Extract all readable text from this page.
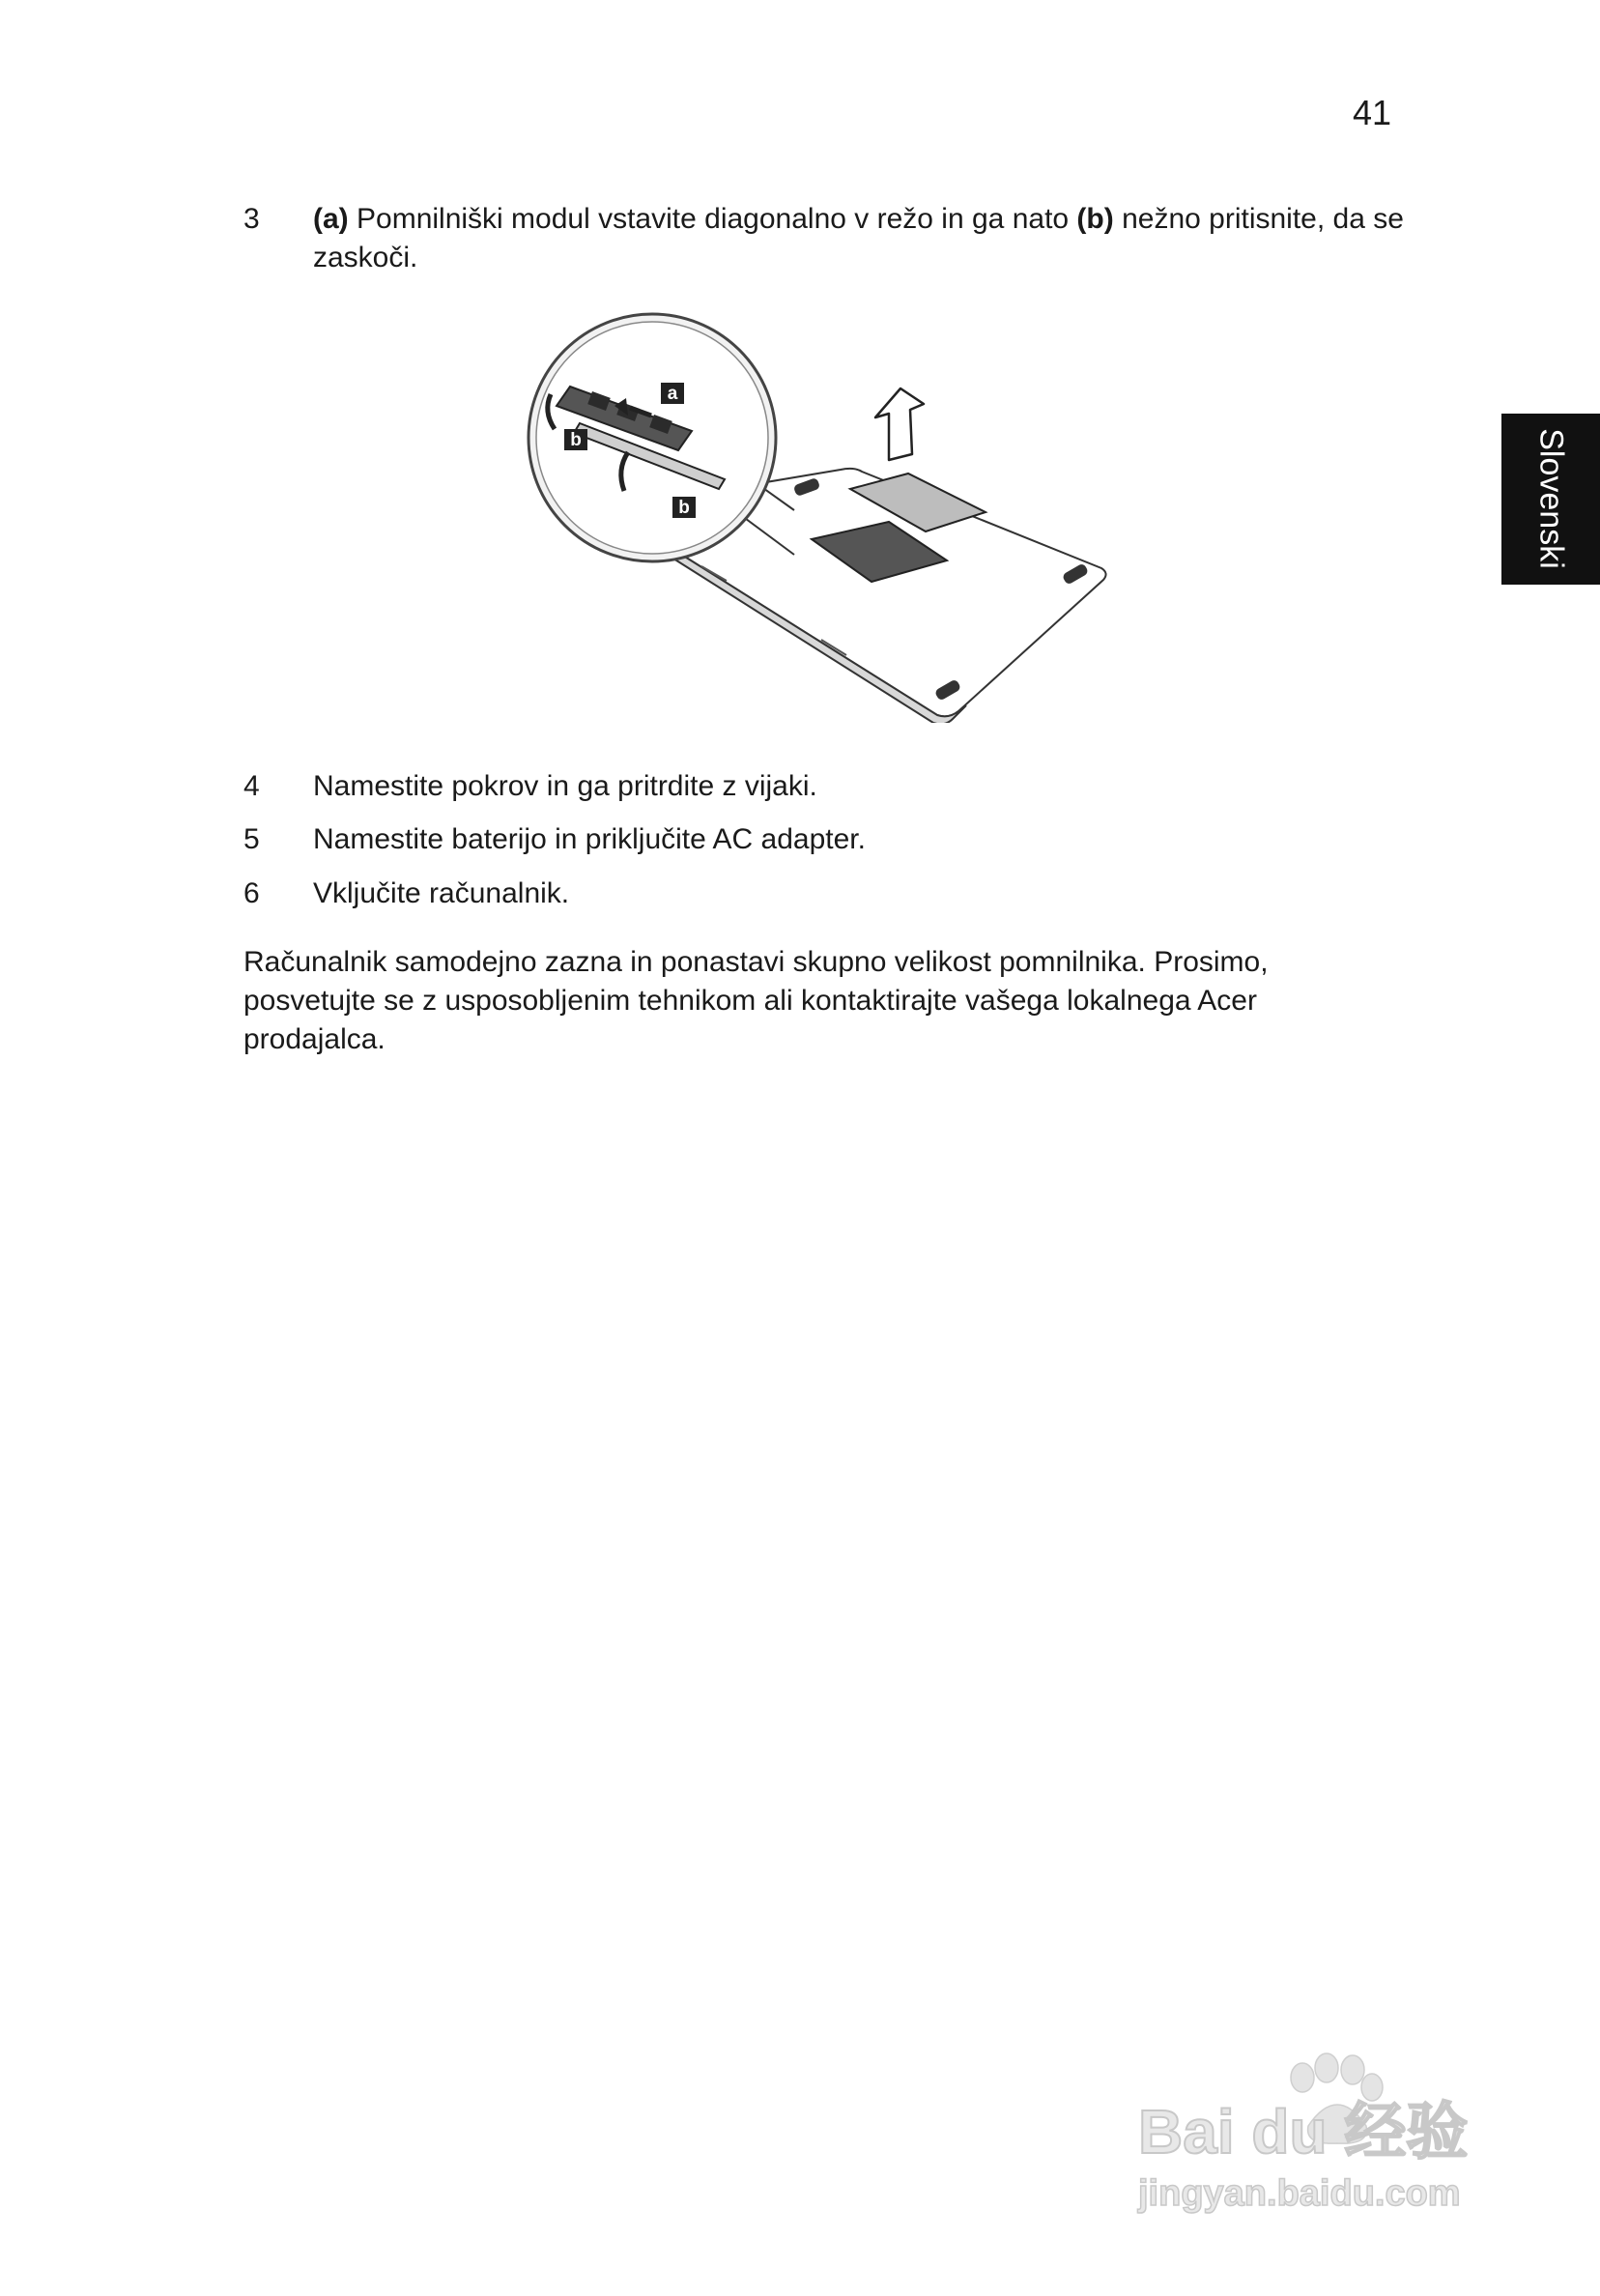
41
Slovenski
3 (a) Pomnilniški modul vstavite diagonalno v režo in ga nato (b) nežno pritisnite, da se zaskoči.
a
b
b
4 Namestite pokrov in ga pritrdite z vijaki.
5 Namestite baterijo in priključite AC adapter.
6 Vključite računalnik.
Računalnik samodejno zazna in ponastavi skupno velikost pomnilnika. Prosimo, posvetujte se z usposobljenim tehnikom ali kontaktirajte vašega lokalnega Acer prodajalca.
Bai du 经验
jingyan.baidu.com
